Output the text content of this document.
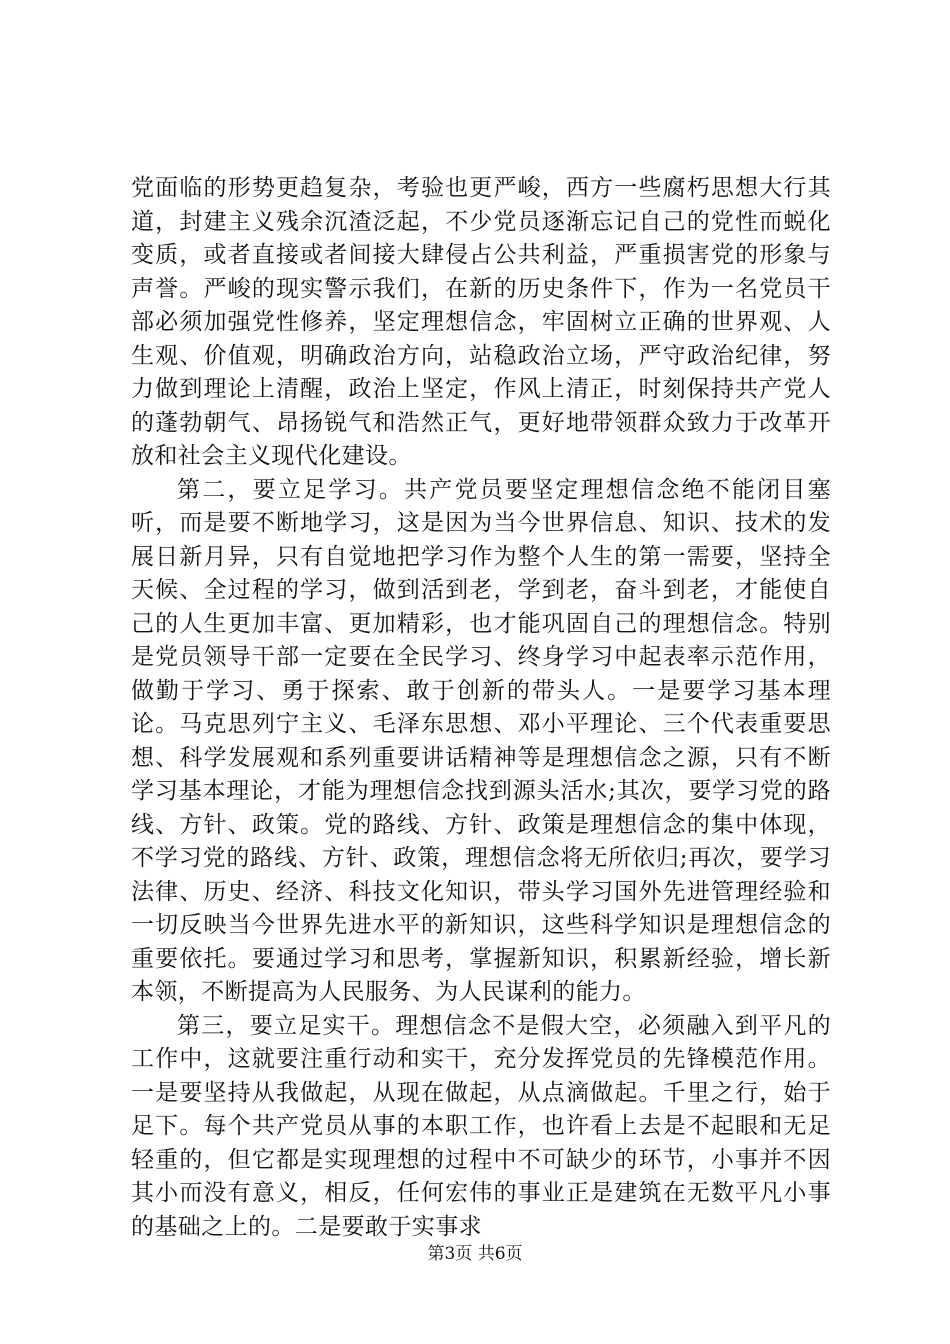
党面临的形势更趋复杂，考验也更严峻，西方一些腐朽思想大行其道，封建主义残余沉渣泛起，不少党员逐渐忘记自己的党性而蜕化变质，或者直接或者间接大肆侵占公共利益，严重损害党的形象与声誉。严峻的现实警示我们，在新的历史条件下，作为一名党员干部必须加强党性修养，坚定理想信念，牢固树立正确的世界观、人生观、价值观，明确政治方向，站稳政治立场，严守政治纪律，努力做到理论上清醒，政治上坚定，作风上清正，时刻保持共产党人的蓬勃朝气、昂扬锐气和浩然正气，更好地带领群众致力于改革开放和社会主义现代化建设。

第二，要立足学习。共产党员要坚定理想信念绝不能闭目塞听，而是要不断地学习，这是因为当今世界信息、知识、技术的发展日新月异，只有自觉地把学习作为整个人生的第一需要，坚持全天候、全过程的学习，做到活到老，学到老，奋斗到老，才能使自己的人生更加丰富、更加精彩，也才能巩固自己的理想信念。特别是党员领导干部一定要在全民学习、终身学习中起表率示范作用，做勤于学习、勇于探索、敢于创新的带头人。一是要学习基本理论。马克思列宁主义、毛泽东思想、邓小平理论、三个代表重要思想、科学发展观和系列重要讲话精神等是理想信念之源，只有不断学习基本理论，才能为理想信念找到源头活水;其次，要学习党的路线、方针、政策。党的路线、方针、政策是理想信念的集中体现，不学习党的路线、方针、政策，理想信念将无所依归;再次，要学习法律、历史、经济、科技文化知识，带头学习国外先进管理经验和一切反映当今世界先进水平的新知识，这些科学知识是理想信念的重要依托。要通过学习和思考，掌握新知识，积累新经验，增长新本领，不断提高为人民服务、为人民谋利的能力。

第三，要立足实干。理想信念不是假大空，必须融入到平凡的工作中，这就要注重行动和实干，充分发挥党员的先锋模范作用。一是要坚持从我做起，从现在做起，从点滴做起。千里之行，始于足下。每个共产党员从事的本职工作，也许看上去是不起眼和无足轻重的，但它都是实现理想的过程中不可缺少的环节，小事并不因其小而没有意义，相反，任何宏伟的事业正是建筑在无数平凡小事的基础之上的。二是要敢于实事求

第3页 共6页
